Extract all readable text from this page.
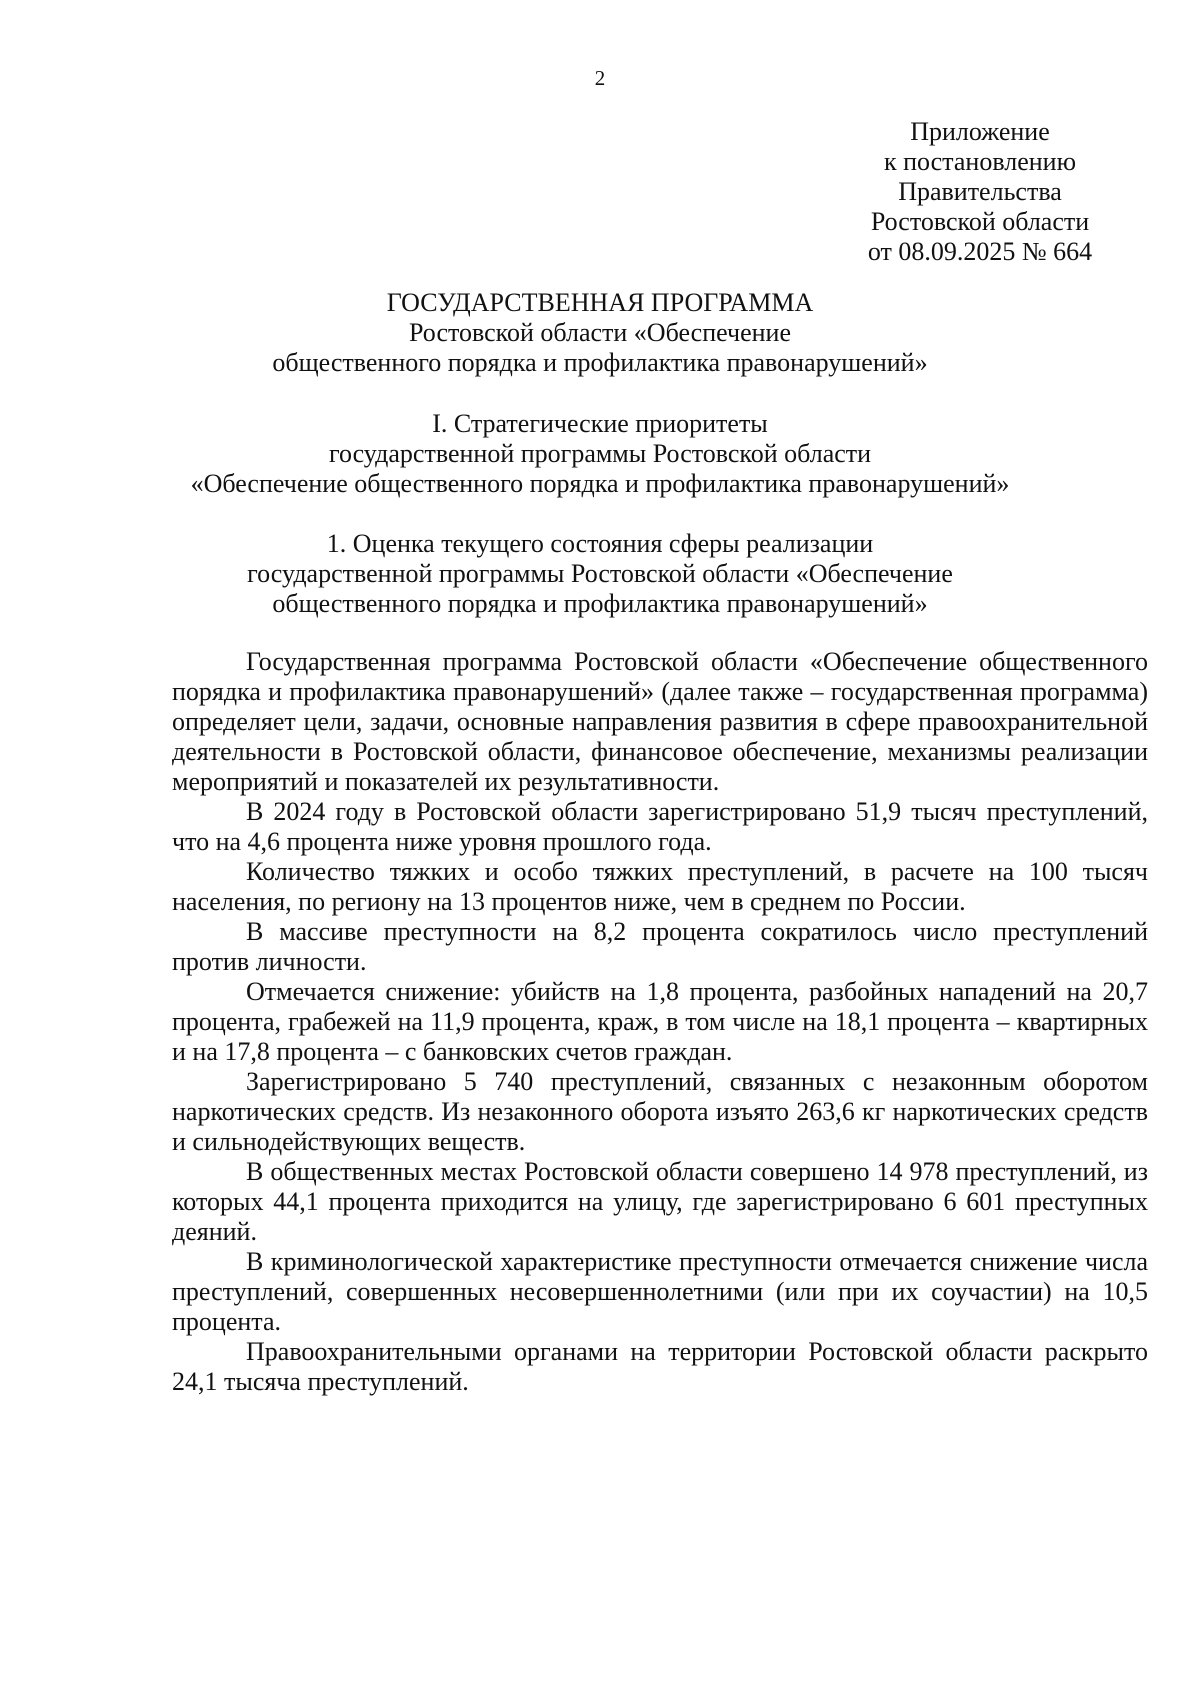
2
Приложение
к постановлению
Правительства
Ростовской области
от 08.09.2025 № 664
ГОСУДАРСТВЕННАЯ ПРОГРАММА
Ростовской области «Обеспечение
общественного порядка и профилактика правонарушений»
I. Стратегические приоритеты
государственной программы Ростовской области
«Обеспечение общественного порядка и профилактика правонарушений»
1. Оценка текущего состояния сферы реализации
государственной программы Ростовской области «Обеспечение
общественного порядка и профилактика правонарушений»

Государственная программа Ростовской области «Обеспечение общественного порядка и профилактика правонарушений» (далее также – государственная программа) определяет цели, задачи, основные направления развития в сфере правоохранительной деятельности в Ростовской области, финансовое обеспечение, механизмы реализации мероприятий и показателей их результативности.

В 2024 году в Ростовской области зарегистрировано 51,9 тысяч преступлений, что на 4,6 процента ниже уровня прошлого года.

Количество тяжких и особо тяжких преступлений, в расчете на 100 тысяч населения, по региону на 13 процентов ниже, чем в среднем по России.

В массиве преступности на 8,2 процента сократилось число преступлений против личности.

Отмечается снижение: убийств на 1,8 процента, разбойных нападений на 20,7 процента, грабежей на 11,9 процента, краж, в том числе на 18,1 процента – квартирных и на 17,8 процента – с банковских счетов граждан.

Зарегистрировано 5 740 преступлений, связанных с незаконным оборотом наркотических средств. Из незаконного оборота изъято 263,6 кг наркотических средств и сильнодействующих веществ.

В общественных местах Ростовской области совершено 14 978 преступлений, из которых 44,1 процента приходится на улицу, где зарегистрировано 6 601 преступных деяний.

В криминологической характеристике преступности отмечается снижение числа преступлений, совершенных несовершеннолетними (или при их соучастии) на 10,5 процента.

Правоохранительными органами на территории Ростовской области раскрыто 24,1 тысяча преступлений.
